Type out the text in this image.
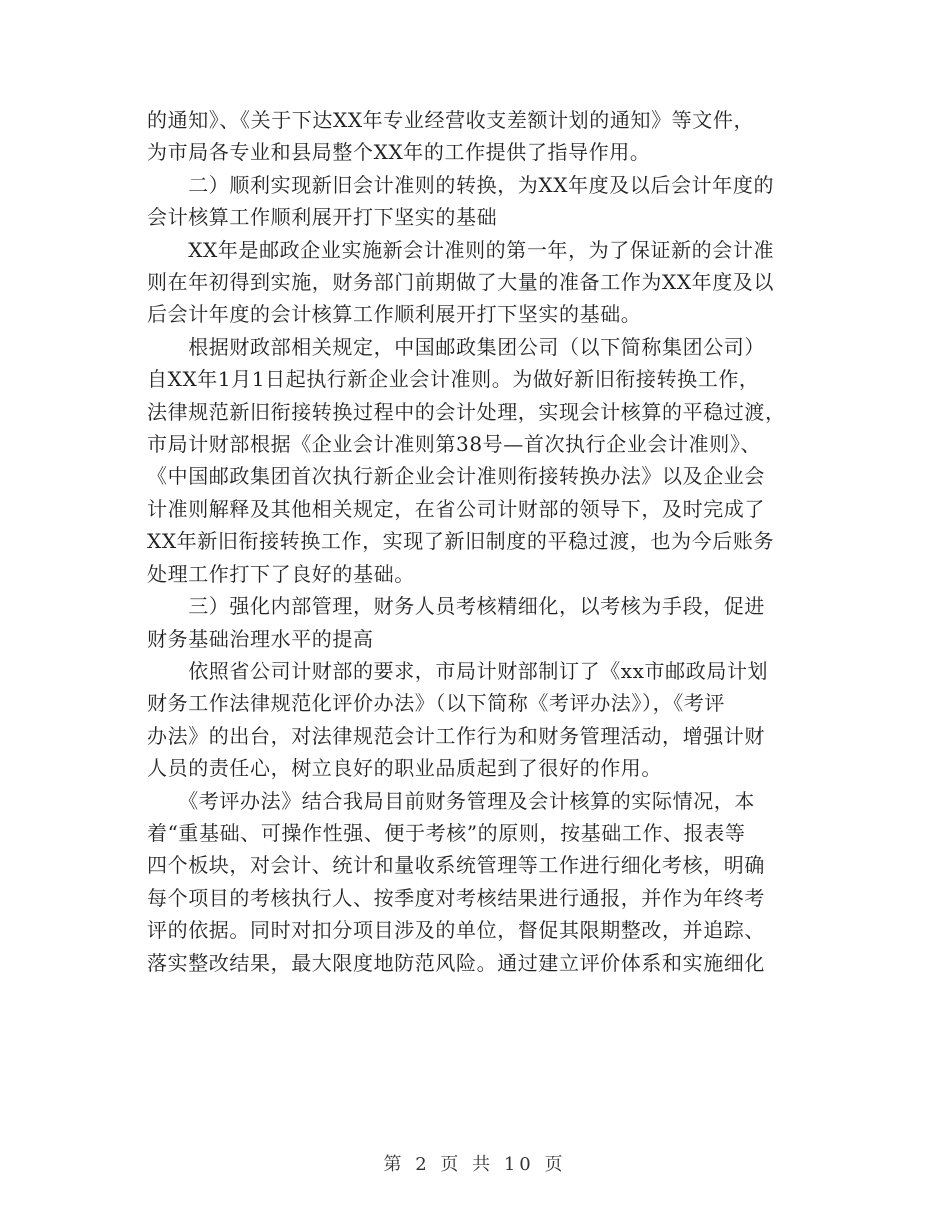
的通知》、《关于下达XX年专业经营收支差额计划的通知》等文件，
为市局各专业和县局整个XX年的工作提供了指导作用。

　　二）顺利实现新旧会计准则的转换，为XX年度及以后会计年度的
会计核算工作顺利展开打下坚实的基础

　　XX年是邮政企业实施新会计准则的第一年，为了保证新的会计准
则在年初得到实施，财务部门前期做了大量的准备工作为XX年度及以
后会计年度的会计核算工作顺利展开打下坚实的基础。

　　根据财政部相关规定，中国邮政集团公司（以下简称集团公司）
自XX年1月1日起执行新企业会计准则。为做好新旧衔接转换工作，
法律规范新旧衔接转换过程中的会计处理，实现会计核算的平稳过渡，
市局计财部根据《企业会计准则第38号—首次执行企业会计准则》、
《中国邮政集团首次执行新企业会计准则衔接转换办法》以及企业会
计准则解释及其他相关规定，在省公司计财部的领导下，及时完成了
XX年新旧衔接转换工作，实现了新旧制度的平稳过渡，也为今后账务
处理工作打下了良好的基础。

　　三）强化内部管理，财务人员考核精细化，以考核为手段，促进
财务基础治理水平的提高

　　依照省公司计财部的要求，市局计财部制订了《xx市邮政局计划
财务工作法律规范化评价办法》（以下简称《考评办法》），《考评
办法》的出台，对法律规范会计工作行为和财务管理活动，增强计财
人员的责任心，树立良好的职业品质起到了很好的作用。

　　《考评办法》结合我局目前财务管理及会计核算的实际情况，本
着“重基础、可操作性强、便于考核”的原则，按基础工作、报表等
四个板块，对会计、统计和量收系统管理等工作进行细化考核，明确
每个项目的考核执行人、按季度对考核结果进行通报，并作为年终考
评的依据。同时对扣分项目涉及的单位，督促其限期整改，并追踪、
落实整改结果，最大限度地防范风险。通过建立评价体系和实施细化

第 2 页 共 10 页
